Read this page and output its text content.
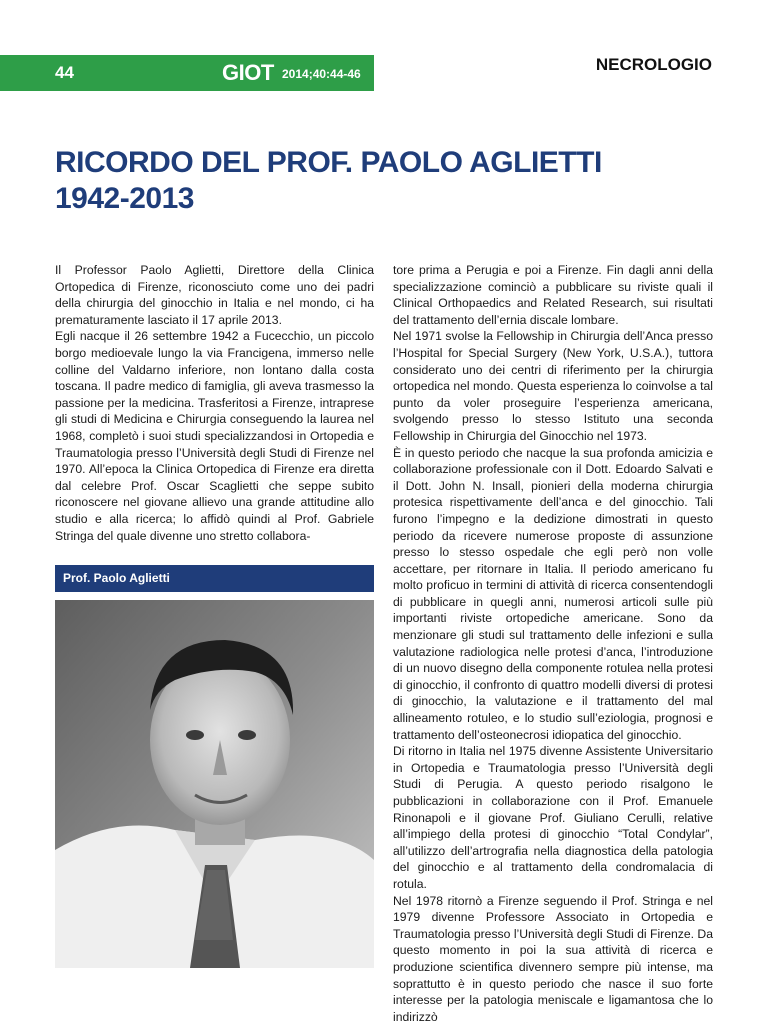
44	GIOT 2014;40:44-46	NECROLOGIO
RICORDO DEL PROF. PAOLO AGLIETTI
1942-2013

Il Professor Paolo Aglietti, Direttore della Clinica Ortopedica di Firenze, riconosciuto come uno dei padri della chirurgia del ginocchio in Italia e nel mondo, ci ha prematuramente lasciato il 17 aprile 2013.

Egli nacque il 26 settembre 1942 a Fucecchio, un piccolo borgo medioevale lungo la via Francigena, immerso nelle colline del Valdarno inferiore, non lontano dalla costa toscana. Il padre medico di famiglia, gli aveva trasmesso la passione per la medicina. Trasferitosi a Firenze, intraprese gli studi di Medicina e Chirurgia conseguendo la laurea nel 1968, completò i suoi studi specializzandosi in Ortopedia e Traumatologia presso l’Università degli Studi di Firenze nel 1970. All’epoca la Clinica Ortopedica di Firenze era diretta dal celebre Prof. Oscar Scaglietti che seppe subito riconoscere nel giovane allievo una grande attitudine allo studio e alla ricerca; lo affidò quindi al Prof. Gabriele Stringa del quale divenne uno stretto collabora-

Prof. Paolo Aglietti

tore prima a Perugia e poi a Firenze. Fin dagli anni della specializzazione cominciò a pubblicare su riviste quali il Clinical Orthopaedics and Related Research, sui risultati del trattamento dell’ernia discale lombare.

Nel 1971 svolse la Fellowship in Chirurgia dell’Anca presso l’Hospital for Special Surgery (New York, U.S.A.), tuttora considerato uno dei centri di riferimento per la chirurgia ortopedica nel mondo. Questa esperienza lo coinvolse a tal punto da voler proseguire l’esperienza americana, svolgendo presso lo stesso Istituto una seconda Fellowship in Chirurgia del Ginocchio nel 1973.

È in questo periodo che nacque la sua profonda amicizia e collaborazione professionale con il Dott. Edoardo Salvati e il Dott. John N. Insall, pionieri della moderna chirurgia protesica rispettivamente dell’anca e del ginocchio. Tali furono l’impegno e la dedizione dimostrati in questo periodo da ricevere numerose proposte di assunzione presso lo stesso ospedale che egli però non volle accettare, per ritornare in Italia. Il periodo americano fu molto proficuo in termini di attività di ricerca consentendogli di pubblicare in quegli anni, numerosi articoli sulle più importanti riviste ortopediche americane. Sono da menzionare gli studi sul trattamento delle infezioni e sulla valutazione radiologica nelle protesi d’anca, l’introduzione di un nuovo disegno della componente rotulea nella protesi di ginocchio, il confronto di quattro modelli diversi di protesi di ginocchio, la valutazione e il trattamento del mal allineamento rotuleo, e lo studio sull’eziologia, prognosi e trattamento dell’osteonecrosi idiopatica del ginocchio.

Di ritorno in Italia nel 1975 divenne Assistente Universitario in Ortopedia e Traumatologia presso l’Università degli Studi di Perugia. A questo periodo risalgono le pubblicazioni in collaborazione con il Prof. Emanuele Rinonapoli e il giovane Prof. Giuliano Cerulli, relative all’impiego della protesi di ginocchio “Total Condylar”, all’utilizzo dell’artrografia nella diagnostica della patologia del ginocchio e al trattamento della condromalacia di rotula.

Nel 1978 ritornò a Firenze seguendo il Prof. Stringa e nel 1979 divenne Professore Associato in Ortopedia e Traumatologia presso l’Università degli Studi di Firenze. Da questo momento in poi la sua attività di ricerca e produzione scientifica divennero sempre più intense, ma soprattutto è in questo periodo che nasce il suo forte interesse per la patologia meniscale e ligamantosa che lo indirizzò
